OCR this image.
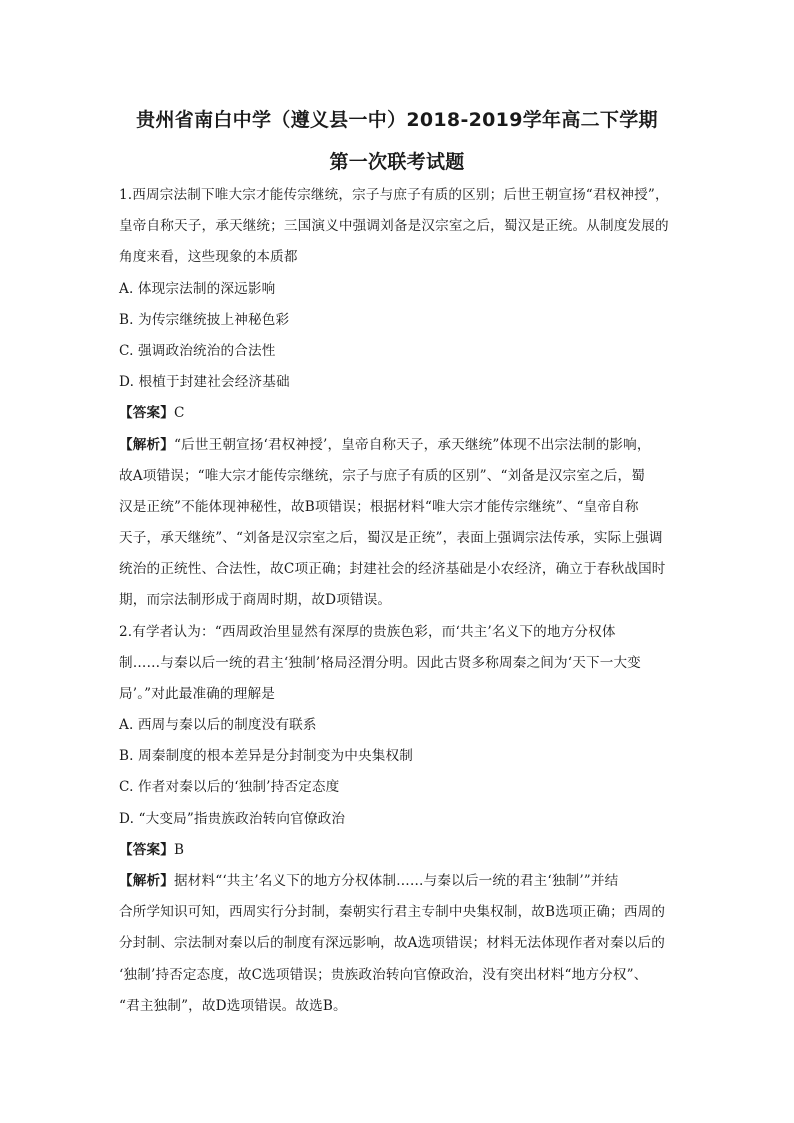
贵州省南白中学（遵义县一中）2018-2019学年高二下学期
第一次联考试题
1.西周宗法制下唯大宗才能传宗继统，宗子与庶子有质的区别；后世王朝宣扬“君权神授”，
皇帝自称天子，承天继统；三国演义中强调刘备是汉宗室之后，蜀汉是正统。从制度发展的
角度来看，这些现象的本质都
A. 体现宗法制的深远影响
B. 为传宗继统披上神秘色彩
C. 强调政治统治的合法性
D. 根植于封建社会经济基础
【答案】C
【解析】“后世王朝宣扬‘君权神授’，皇帝自称天子，承天继统”体现不出宗法制的影响，
故A项错误；“唯大宗才能传宗继统，宗子与庶子有质的区别”、“刘备是汉宗室之后，蜀
汉是正统”不能体现神秘性，故B项错误；根据材料“唯大宗才能传宗继统”、“皇帝自称
天子，承天继统”、“刘备是汉宗室之后，蜀汉是正统”，表面上强调宗法传承，实际上强调
统治的正统性、合法性，故C项正确；封建社会的经济基础是小农经济，确立于春秋战国时
期，而宗法制形成于商周时期，故D项错误。
2.有学者认为：“西周政治里显然有深厚的贵族色彩，而‘共主’名义下的地方分权体
制……与秦以后一统的君主‘独制’格局泾渭分明。因此古贤多称周秦之间为‘天下一大变
局’。”对此最准确的理解是
A. 西周与秦以后的制度没有联系
B. 周秦制度的根本差异是分封制变为中央集权制
C. 作者对秦以后的‘独制’持否定态度
D. “大变局”指贵族政治转向官僚政治
【答案】B
【解析】据材料“‘共主’名义下的地方分权体制……与秦以后一统的君主‘独制’”并结
合所学知识可知，西周实行分封制，秦朝实行君主专制中央集权制，故B选项正确；西周的
分封制、宗法制对秦以后的制度有深远影响，故A选项错误；材料无法体现作者对秦以后的
‘独制’持否定态度，故C选项错误；贵族政治转向官僚政治，没有突出材料“地方分权”、
“君主独制”，故D选项错误。故选B。
